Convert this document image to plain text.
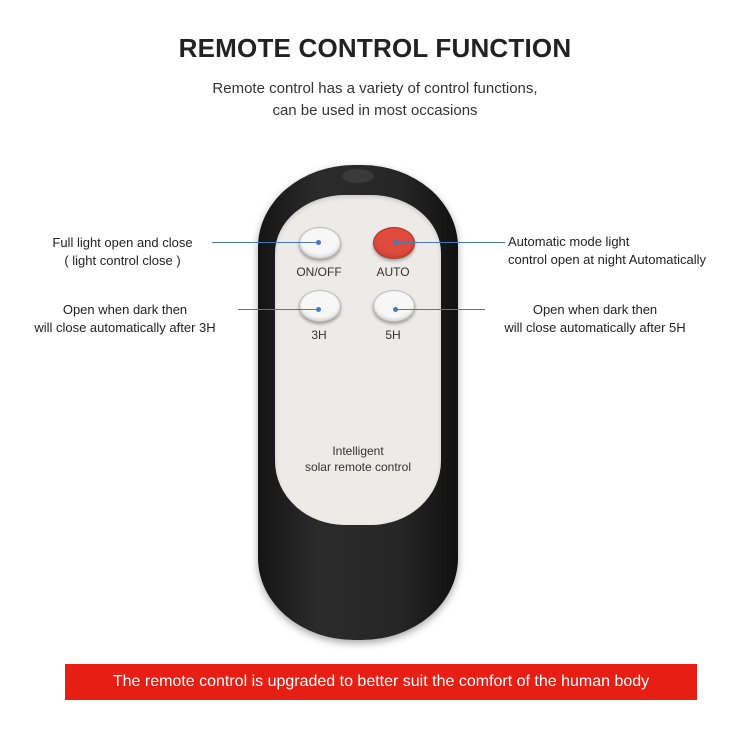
REMOTE CONTROL FUNCTION
Remote control has a variety of control functions,
can be used in most occasions
Full light open and close
( light control close )
Open when dark then
will close automatically after 3H
Automatic mode light
control open at night Automatically
Open when dark then
will close automatically after 5H
ON/OFF	AUTO
3H	5H
Intelligent
solar remote control
The remote control is upgraded to better suit the comfort of the human body
